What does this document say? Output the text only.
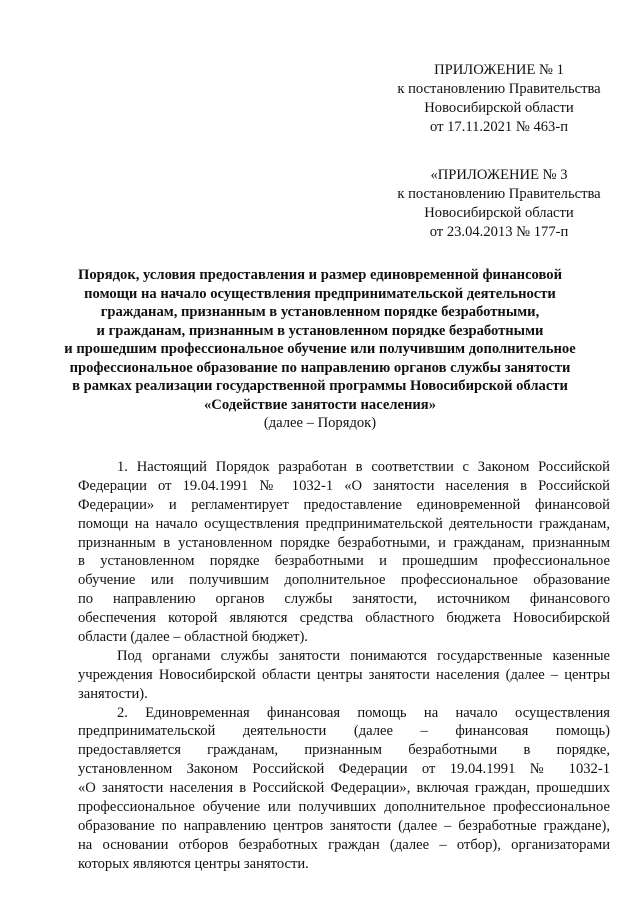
ПРИЛОЖЕНИЕ № 1
к постановлению Правительства
Новосибирской области
от 17.11.2021 № 463-п
«ПРИЛОЖЕНИЕ № 3
к постановлению Правительства
Новосибирской области
от 23.04.2013 № 177-п
Порядок, условия предоставления и размер единовременной финансовой
помощи на начало осуществления предпринимательской деятельности
гражданам, признанным в установленном порядке безработными,
и гражданам, признанным в установленном порядке безработными
и прошедшим профессиональное обучение или получившим дополнительное
профессиональное образование по направлению органов службы занятости
в рамках реализации государственной программы Новосибирской области
«Содействие занятости населения»
(далее – Порядок)
1. Настоящий Порядок разработан в соответствии с Законом Российской
Федерации от 19.04.1991 № 1032-1 «О занятости населения в Российской
Федерации» и регламентирует предоставление единовременной финансовой
помощи на начало осуществления предпринимательской деятельности гражданам,
признанным в установленном порядке безработными, и гражданам, признанным
в установленном порядке безработными и прошедшим профессиональное
обучение или получившим дополнительное профессиональное образование
по направлению органов службы занятости, источником финансового
обеспечения которой являются средства областного бюджета Новосибирской
области (далее – областной бюджет).
Под органами службы занятости понимаются государственные казенные
учреждения Новосибирской области центры занятости населения (далее – центры
занятости).
2. Единовременная финансовая помощь на начало осуществления
предпринимательской деятельности (далее – финансовая помощь)
предоставляется гражданам, признанным безработными в порядке,
установленном Законом Российской Федерации от 19.04.1991 № 1032-1
«О занятости населения в Российской Федерации», включая граждан, прошедших
профессиональное обучение или получивших дополнительное профессиональное
образование по направлению центров занятости (далее – безработные граждане),
на основании отборов безработных граждан (далее – отбор), организаторами
которых являются центры занятости.
